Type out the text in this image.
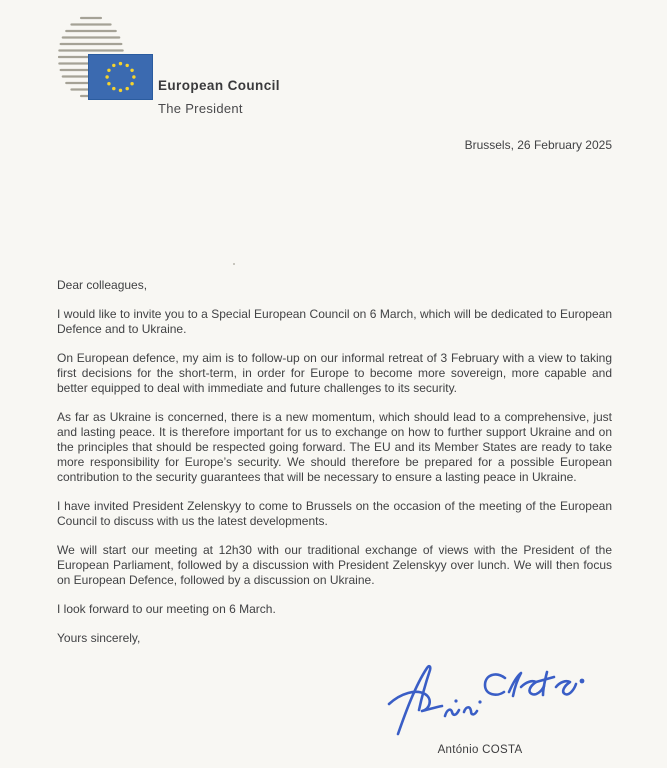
European Council
The President
Brussels, 26 February 2025

Dear colleagues,

I would like to invite you to a Special European Council on 6 March, which will be dedicated to European Defence and to Ukraine.

On European defence, my aim is to follow-up on our informal retreat of 3 February with a view to taking first decisions for the short-term, in order for Europe to become more sovereign, more capable and better equipped to deal with immediate and future challenges to its security.

As far as Ukraine is concerned, there is a new momentum, which should lead to a comprehensive, just and lasting peace. It is therefore important for us to exchange on how to further support Ukraine and on the principles that should be respected going forward. The EU and its Member States are ready to take more responsibility for Europe’s security. We should therefore be prepared for a possible European contribution to the security guarantees that will be necessary to ensure a lasting peace in Ukraine.

I have invited President Zelenskyy to come to Brussels on the occasion of the meeting of the European Council to discuss with us the latest developments.

We will start our meeting at 12h30 with our traditional exchange of views with the President of the European Parliament, followed by a discussion with President Zelenskyy over lunch. We will then focus on European Defence, followed by a discussion on Ukraine.

I look forward to our meeting on 6 March.

Yours sincerely,

António COSTA
